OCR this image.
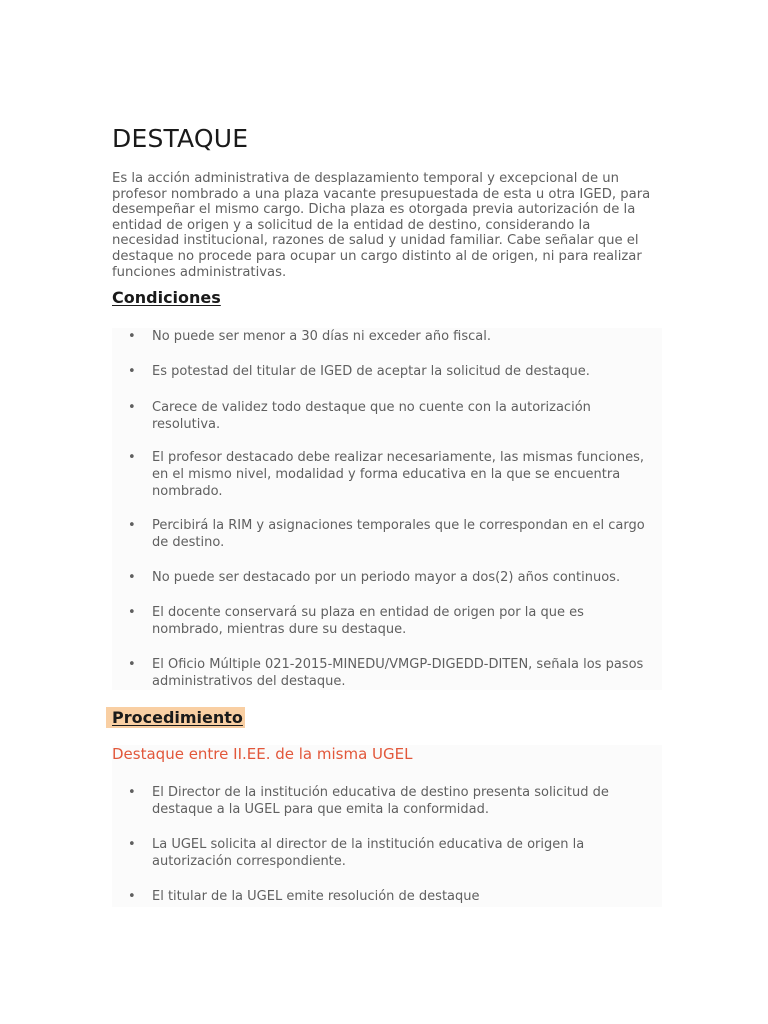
DESTAQUE

Es la acción administrativa de desplazamiento temporal y excepcional de un profesor nombrado a una plaza vacante presupuestada de esta u otra IGED, para desempeñar el mismo cargo. Dicha plaza es otorgada previa autorización de la entidad de origen y a solicitud de la entidad de destino, considerando la necesidad institucional, razones de salud y unidad familiar. Cabe señalar que el destaque no procede para ocupar un cargo distinto al de origen, ni para realizar funciones administrativas.

Condiciones
• No puede ser menor a 30 días ni exceder año fiscal.
• Es potestad del titular de IGED de aceptar la solicitud de destaque.
• Carece de validez todo destaque que no cuente con la autorización resolutiva.
• El profesor destacado debe realizar necesariamente, las mismas funciones, en el mismo nivel, modalidad y forma educativa en la que se encuentra nombrado.
• Percibirá la RIM y asignaciones temporales que le correspondan en el cargo de destino.
• No puede ser destacado por un periodo mayor a dos(2) años continuos.
• El docente conservará su plaza en entidad de origen por la que es nombrado, mientras dure su destaque.
• El Oficio Múltiple 021-2015-MINEDU/VMGP-DIGEDD-DITEN, señala los pasos administrativos del destaque.
Procedimiento
• El Director de la institución educativa de destino presenta solicitud de destaque a la UGEL para que emita la conformidad.
• La UGEL solicita al director de la institución educativa de origen la autorización correspondiente.
• El titular de la UGEL emite resolución de destaque
Destaque entre II.EE. de la misma UGEL
